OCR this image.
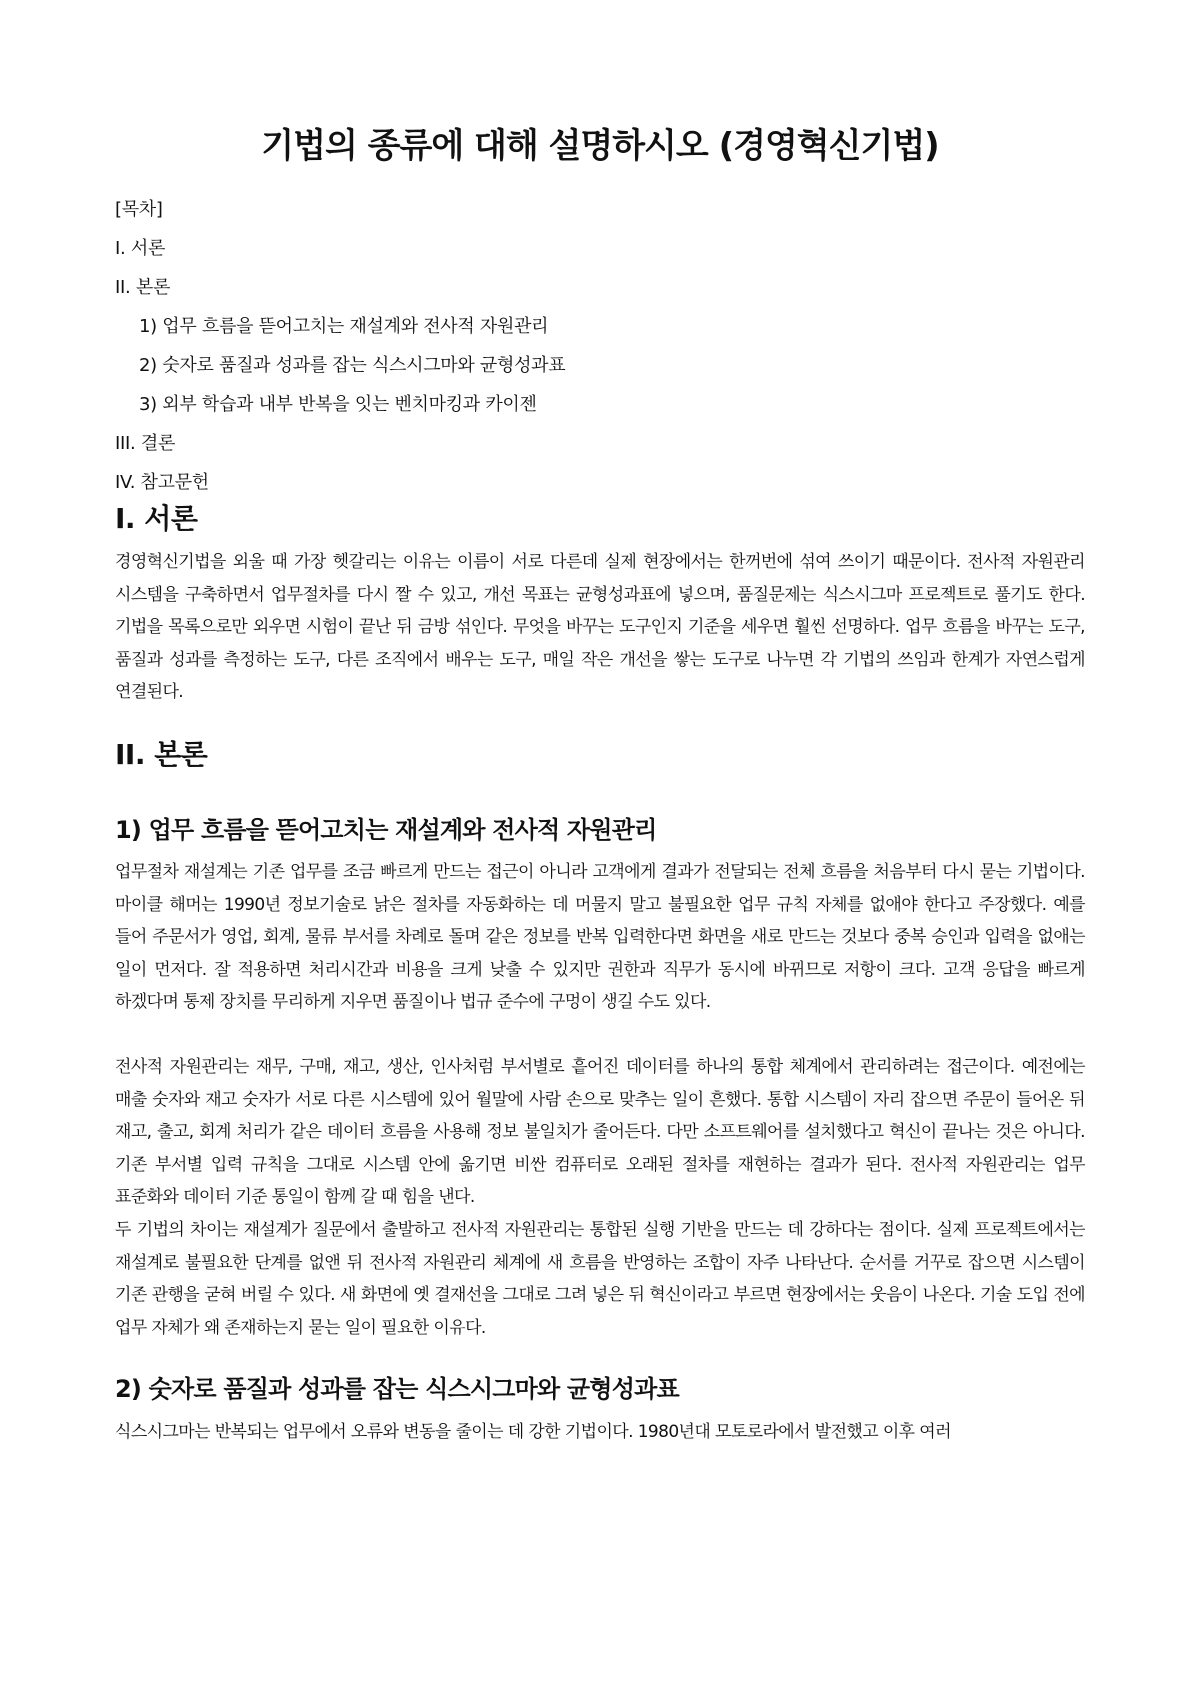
기법의 종류에 대해 설명하시오 (경영혁신기법)
[목차]
I. 서론
II. 본론
1) 업무 흐름을 뜯어고치는 재설계와 전사적 자원관리
2) 숫자로 품질과 성과를 잡는 식스시그마와 균형성과표
3) 외부 학습과 내부 반복을 잇는 벤치마킹과 카이젠
III. 결론
IV. 참고문헌
I. 서론

경영혁신기법을 외울 때 가장 헷갈리는 이유는 이름이 서로 다른데 실제 현장에서는 한꺼번에 섞여 쓰이기 때문이다. 전사적 자원관리 시스템을 구축하면서 업무절차를 다시 짤 수 있고, 개선 목표는 균형성과표에 넣으며, 품질문제는 식스시그마 프로젝트로 풀기도 한다. 기법을 목록으로만 외우면 시험이 끝난 뒤 금방 섞인다. 무엇을 바꾸는 도구인지 기준을 세우면 훨씬 선명하다. 업무 흐름을 바꾸는 도구, 품질과 성과를 측정하는 도구, 다른 조직에서 배우는 도구, 매일 작은 개선을 쌓는 도구로 나누면 각 기법의 쓰임과 한계가 자연스럽게 연결된다.

II. 본론
1) 업무 흐름을 뜯어고치는 재설계와 전사적 자원관리

업무절차 재설계는 기존 업무를 조금 빠르게 만드는 접근이 아니라 고객에게 결과가 전달되는 전체 흐름을 처음부터 다시 묻는 기법이다. 마이클 해머는 1990년 정보기술로 낡은 절차를 자동화하는 데 머물지 말고 불필요한 업무 규칙 자체를 없애야 한다고 주장했다. 예를 들어 주문서가 영업, 회계, 물류 부서를 차례로 돌며 같은 정보를 반복 입력한다면 화면을 새로 만드는 것보다 중복 승인과 입력을 없애는 일이 먼저다. 잘 적용하면 처리시간과 비용을 크게 낮출 수 있지만 권한과 직무가 동시에 바뀌므로 저항이 크다. 고객 응답을 빠르게 하겠다며 통제 장치를 무리하게 지우면 품질이나 법규 준수에 구멍이 생길 수도 있다.

전사적 자원관리는 재무, 구매, 재고, 생산, 인사처럼 부서별로 흩어진 데이터를 하나의 통합 체계에서 관리하려는 접근이다. 예전에는 매출 숫자와 재고 숫자가 서로 다른 시스템에 있어 월말에 사람 손으로 맞추는 일이 흔했다. 통합 시스템이 자리 잡으면 주문이 들어온 뒤 재고, 출고, 회계 처리가 같은 데이터 흐름을 사용해 정보 불일치가 줄어든다. 다만 소프트웨어를 설치했다고 혁신이 끝나는 것은 아니다. 기존 부서별 입력 규칙을 그대로 시스템 안에 옮기면 비싼 컴퓨터로 오래된 절차를 재현하는 결과가 된다. 전사적 자원관리는 업무 표준화와 데이터 기준 통일이 함께 갈 때 힘을 낸다.

두 기법의 차이는 재설계가 질문에서 출발하고 전사적 자원관리는 통합된 실행 기반을 만드는 데 강하다는 점이다. 실제 프로젝트에서는 재설계로 불필요한 단계를 없앤 뒤 전사적 자원관리 체계에 새 흐름을 반영하는 조합이 자주 나타난다. 순서를 거꾸로 잡으면 시스템이 기존 관행을 굳혀 버릴 수 있다. 새 화면에 옛 결재선을 그대로 그려 넣은 뒤 혁신이라고 부르면 현장에서는 웃음이 나온다. 기술 도입 전에 업무 자체가 왜 존재하는지 묻는 일이 필요한 이유다.

2) 숫자로 품질과 성과를 잡는 식스시그마와 균형성과표

식스시그마는 반복되는 업무에서 오류와 변동을 줄이는 데 강한 기법이다. 1980년대 모토로라에서 발전했고 이후 여러
